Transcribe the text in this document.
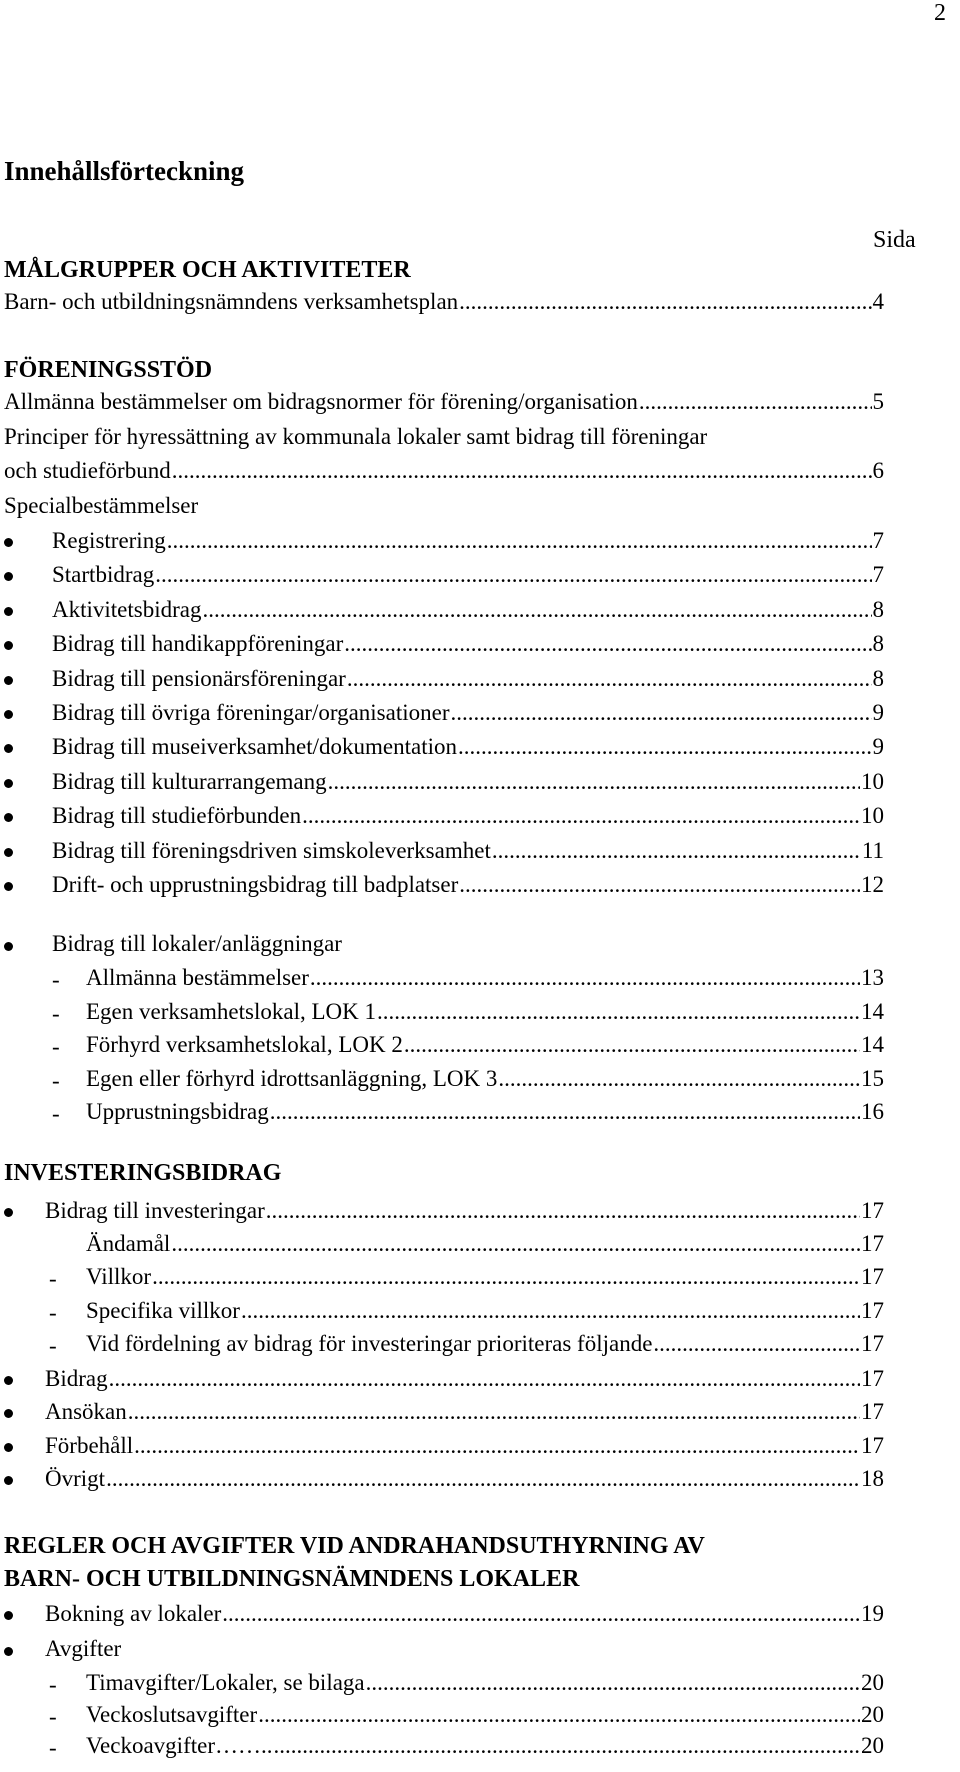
2
Innehållsförteckning
Sida
MÅLGRUPPER OCH AKTIVITETER
Barn- och utbildningsnämndens verksamhetsplan .....	4
FÖRENINGSSTÖD
Allmänna bestämmelser om bidragsnormer för förening/organisation .....	5
Principer för hyressättning av kommunala lokaler samt bidrag till föreningar
och studieförbund .....	6
Specialbestämmelser
Registrering .....	7
Startbidrag .....	7
Aktivitetsbidrag .....	8
Bidrag till handikappföreningar .....	8
Bidrag till pensionärsföreningar .....	8
Bidrag till övriga föreningar/organisationer .....	9
Bidrag till museiverksamhet/dokumentation .....	9
Bidrag till kulturarrangemang .....	10
Bidrag till studieförbunden .....	10
Bidrag till föreningsdriven simskoleverksamhet .....	11
Drift- och upprustningsbidrag till badplatser .....	12
Bidrag till lokaler/anläggningar
Allmänna bestämmelser .....	13
-
Egen verksamhetslokal, LOK 1 .....	14
-
Förhyrd verksamhetslokal, LOK 2 .....	14
-
Egen eller förhyrd idrottsanläggning, LOK 3 .....	15
-
Upprustningsbidrag .....	16
-
INVESTERINGSBIDRAG
Bidrag till investeringar .....	17
Ändamål .....	17
Villkor .....	17
-
Specifika villkor .....	17
-
Vid fördelning av bidrag för investeringar prioriteras följande .....	17
-
Bidrag .....	17
Ansökan .....	17
Förbehåll .....	17
Övrigt .....	18
REGLER OCH AVGIFTER VID ANDRAHANDSUTHYRNING AV
BARN- OCH UTBILDNINGSNÄMNDENS LOKALER
Bokning av lokaler .....	19
Avgifter
Timavgifter/Lokaler, se bilaga .....	20
-
Veckoslutsavgifter .....	20
-
Veckoavgifter…….. .....	20
-
